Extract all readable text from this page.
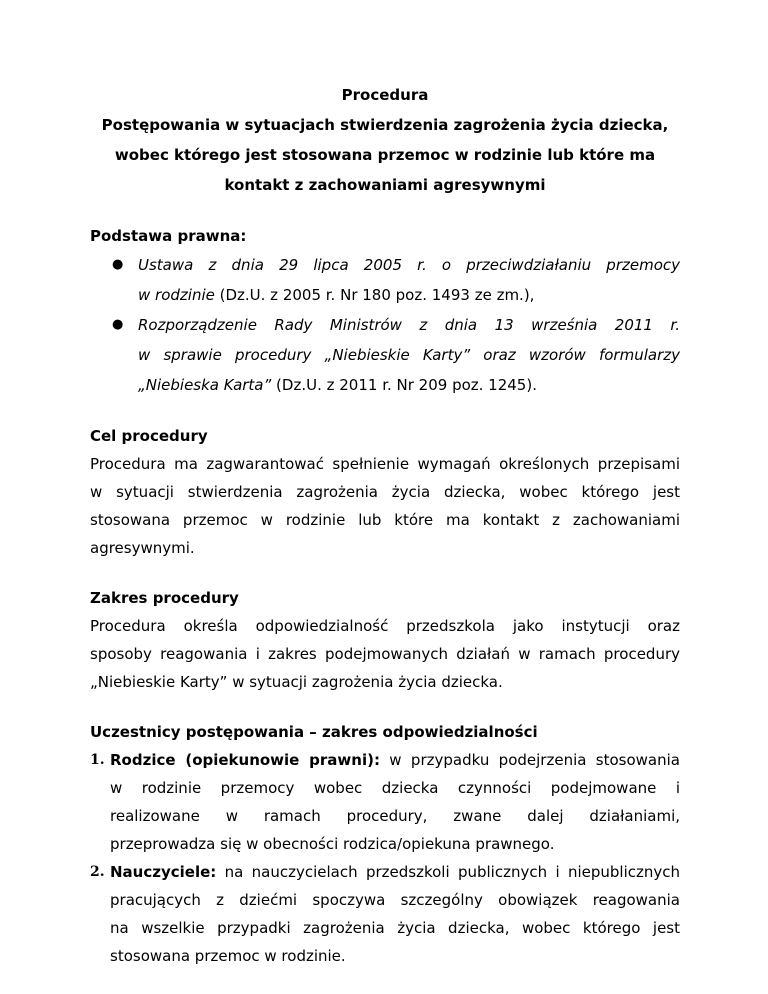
Procedura

Postępowania w sytuacjach stwierdzenia zagrożenia życia dziecka,

wobec którego jest stosowana przemoc w rodzinie lub które ma

kontakt z zachowaniami agresywnymi

Podstawa prawna:

● Ustawa z dnia 29 lipca 2005 r. o przeciwdziałaniu przemocy
w rodzinie (Dz.U. z 2005 r. Nr 180 poz. 1493 ze zm.),
● Rozporządzenie Rady Ministrów z dnia 13 września 2011 r.
w sprawie procedury „Niebieskie Karty” oraz wzorów formularzy
„Niebieska Karta” (Dz.U. z 2011 r. Nr 209 poz. 1245).

Cel procedury

Procedura ma zagwarantować spełnienie wymagań określonych przepisami
w sytuacji stwierdzenia zagrożenia życia dziecka, wobec którego jest
stosowana przemoc w rodzinie lub które ma kontakt z zachowaniami
agresywnymi.

Zakres procedury

Procedura określa odpowiedzialność przedszkola jako instytucji oraz
sposoby reagowania i zakres podejmowanych działań w ramach procedury
„Niebieskie Karty” w sytuacji zagrożenia życia dziecka.

Uczestnicy postępowania – zakres odpowiedzialności

1. Rodzice (opiekunowie prawni): w przypadku podejrzenia stosowania
w rodzinie przemocy wobec dziecka czynności podejmowane i
realizowane w ramach procedury, zwane dalej działaniami,
przeprowadza się w obecności rodzica/opiekuna prawnego.
2. Nauczyciele: na nauczycielach przedszkoli publicznych i niepublicznych
pracujących z dziećmi spoczywa szczególny obowiązek reagowania
na wszelkie przypadki zagrożenia życia dziecka, wobec którego jest
stosowana przemoc w rodzinie.
